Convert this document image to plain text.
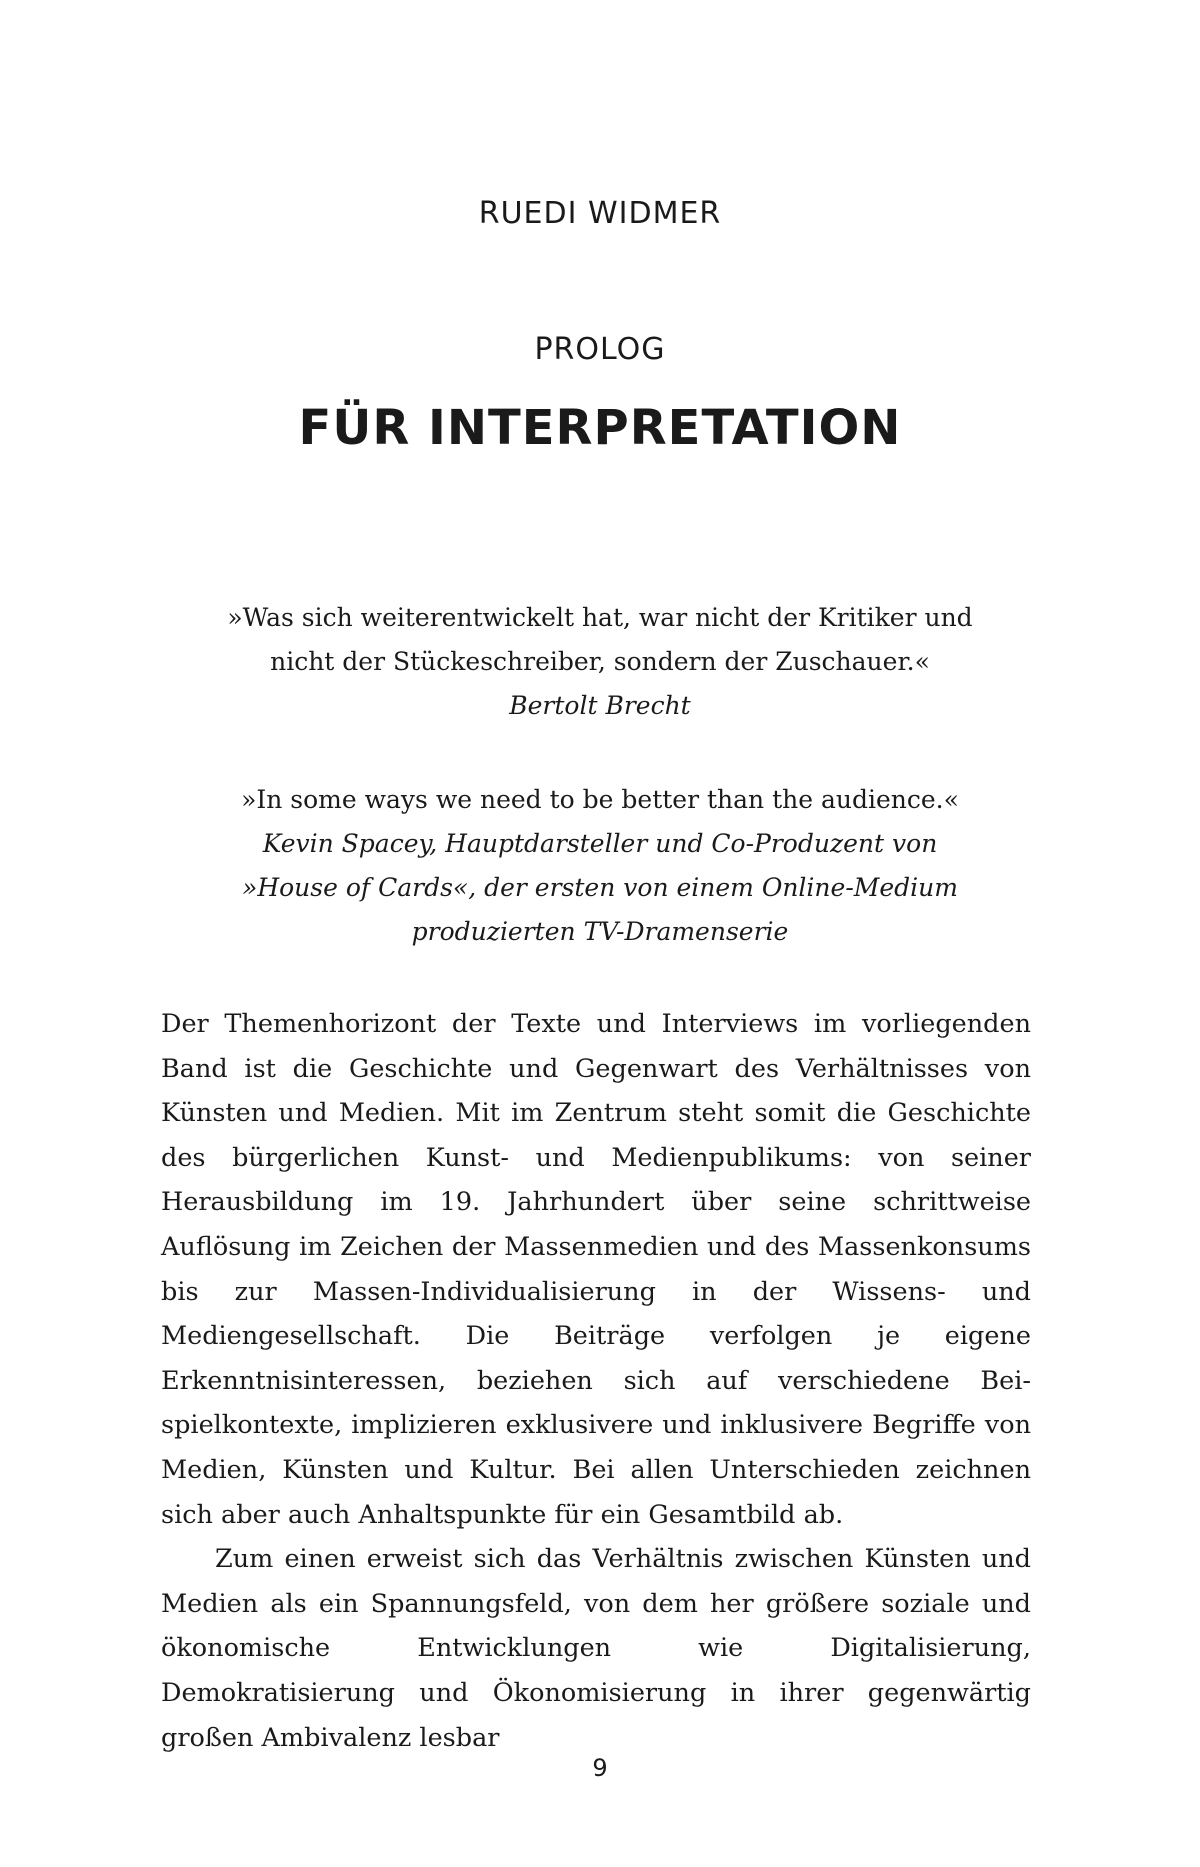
RUEDI WIDMER
PROLOG
FÜR INTERPRETATION
»Was sich weiterentwickelt hat, war nicht der Kritiker und
nicht der Stückeschreiber, sondern der Zuschauer.«
Bertolt Brecht
»In some ways we need to be better than the audience.«
Kevin Spacey, Hauptdarsteller und Co-Produzent von
»House of Cards«, der ersten von einem Online-Medium
produzierten TV-Dramenserie

Der Themenhorizont der Texte und Interviews im vorliegenden Band ist die Geschichte und Gegenwart des Verhältnisses von Künsten und Medien. Mit im Zentrum steht somit die Geschichte des bürgerlichen Kunst- und Medienpublikums: von seiner Herausbildung im 19. Jahrhundert über seine schrittweise Auflösung im Zeichen der Massenmedien und des Massenkonsums bis zur Massen-Individualisierung in der Wissens- und Mediengesellschaft. Die Beiträge verfolgen je eigene Erkenntnisinteressen, beziehen sich auf verschiedene Beispielkontexte, implizieren exklusivere und inklusivere Begriffe von Medien, Künsten und Kultur. Bei allen Unterschieden zeichnen sich aber auch Anhaltspunkte für ein Gesamtbild ab.

Zum einen erweist sich das Verhältnis zwischen Künsten und Medien als ein Spannungsfeld, von dem her größere soziale und ökonomische Entwicklungen wie Digitalisierung, Demokratisierung und Ökonomisierung in ihrer gegenwärtig großen Ambivalenz lesbar

9
